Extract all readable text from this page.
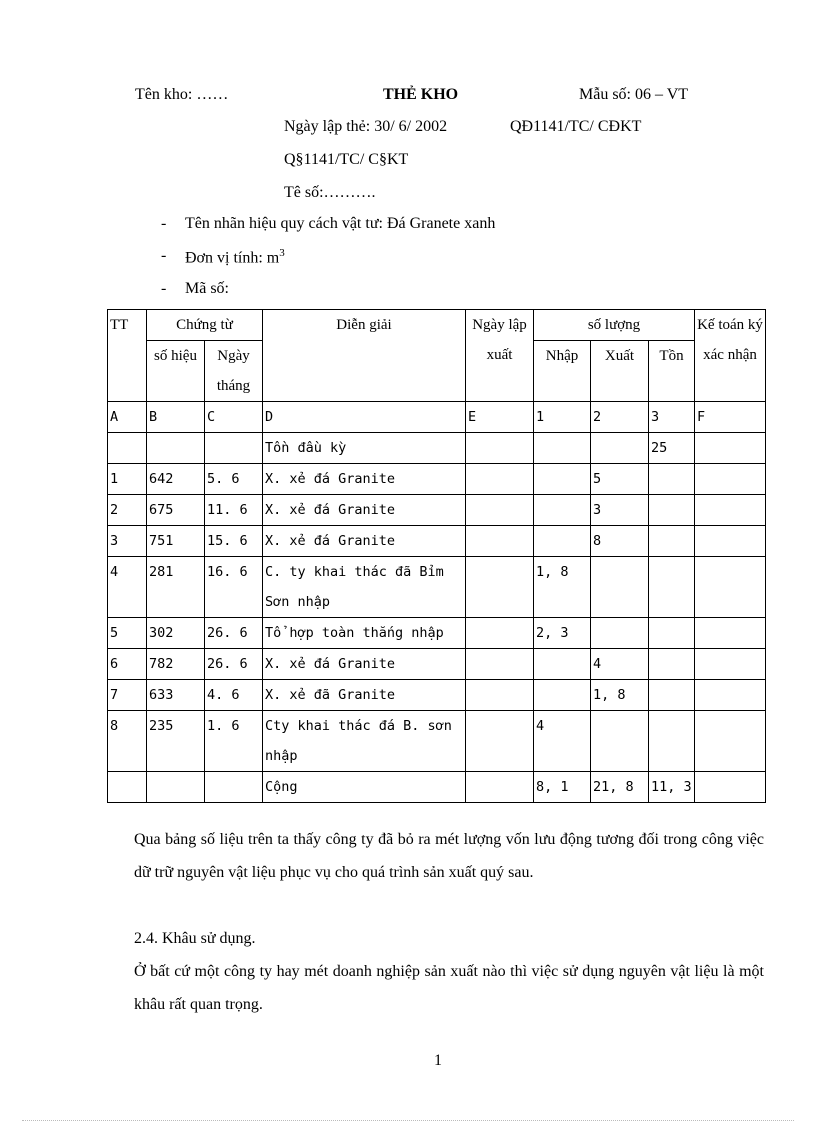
Tên kho: ……	THẺ KHO	Mẫu số: 06 – VT
Ngày lập thẻ: 30/ 6/ 2002	QĐ1141/TC/ CĐKT
Q§1141/TC/ C§KT
Tê số:……….
- Tên nhãn hiệu quy cách vật tư: Đá Granete xanh
- Đơn vị tính: $m^3$
- Mã số:
TT	Chứng từ		Diễn giải	Ngày lập xuất	số lượng			Kế toán ký xác nhận
	số hiệu	Ngày tháng			Nhập	Xuất	Tồn	
A	B	C	D	E	1	2	3	F
			Tồn đầu kỳ				25	
1	642	5. 6	X. xẻ đá Granite			5		
2	675	11. 6	X. xẻ đá Granite			3		
3	751	15. 6	X. xẻ đá Granite			8		
4	281	16. 6	C. ty khai thác đã Bỉm Sơn nhập		1, 8			
5	302	26. 6	Tổ hợp toàn thắng nhập		2, 3			
6	782	26. 6	X. xẻ đá Granite			4		
7	633	4. 6	X. xẻ đã Granite			1, 8		
8	235	1. 6	Cty khai thác đá B. sơn nhập		4			
			Cộng		8, 1	21, 8	11, 3	
Qua bảng số liệu trên ta thấy công ty đã bỏ ra mét lượng vốn lưu động tương đối trong công việc dữ trữ nguyên vật liệu phục vụ cho quá trình sản xuất quý sau.
2.4. Khâu sử dụng.
Ở bất cứ một công ty hay mét doanh nghiệp sản xuất nào thì việc sử dụng nguyên vật liệu là một khâu rất quan trọng.
1
